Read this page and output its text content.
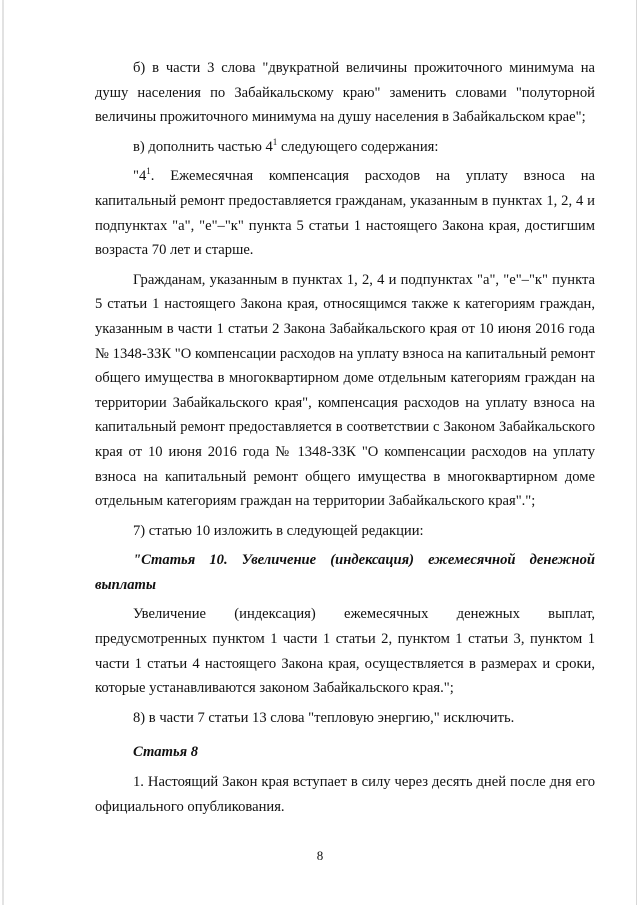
б) в части 3 слова "двукратной величины прожиточного минимума на душу населения по Забайкальскому краю" заменить словами "полуторной величины прожиточного минимума на душу населения в Забайкальском крае";

в) дополнить частью $4^1$ следующего содержания:

"$4^1$. Ежемесячная компенсация расходов на уплату взноса на капитальный ремонт предоставляется гражданам, указанным в пунктах 1, 2, 4 и подпунктах "а", "е"–"к" пункта 5 статьи 1 настоящего Закона края, достигшим возраста 70 лет и старше.

Гражданам, указанным в пунктах 1, 2, 4 и подпунктах "а", "е"–"к" пункта 5 статьи 1 настоящего Закона края, относящимся также к категориям граждан, указанным в части 1 статьи 2 Закона Забайкальского края от 10 июня 2016 года № 1348-ЗЗК "О компенсации расходов на уплату взноса на капитальный ремонт общего имущества в многоквартирном доме отдельным категориям граждан на территории Забайкальского края", компенсация расходов на уплату взноса на капитальный ремонт предоставляется в соответствии с Законом Забайкальского края от 10 июня 2016 года № 1348-ЗЗК "О компенсации расходов на уплату взноса на капитальный ремонт общего имущества в многоквартирном доме отдельным категориям граждан на территории Забайкальского края".";

7) статью 10 изложить в следующей редакции:

"Статья 10. Увеличение (индексация) ежемесячной денежной выплаты

Увеличение (индексация) ежемесячных денежных выплат, предусмотренных пунктом 1 части 1 статьи 2, пунктом 1 статьи 3, пунктом 1 части 1 статьи 4 настоящего Закона края, осуществляется в размерах и сроки, которые устанавливаются законом Забайкальского края.";

8) в части 7 статьи 13 слова "тепловую энергию," исключить.

Статья 8

1. Настоящий Закон края вступает в силу через десять дней после дня его официального опубликования.

8
